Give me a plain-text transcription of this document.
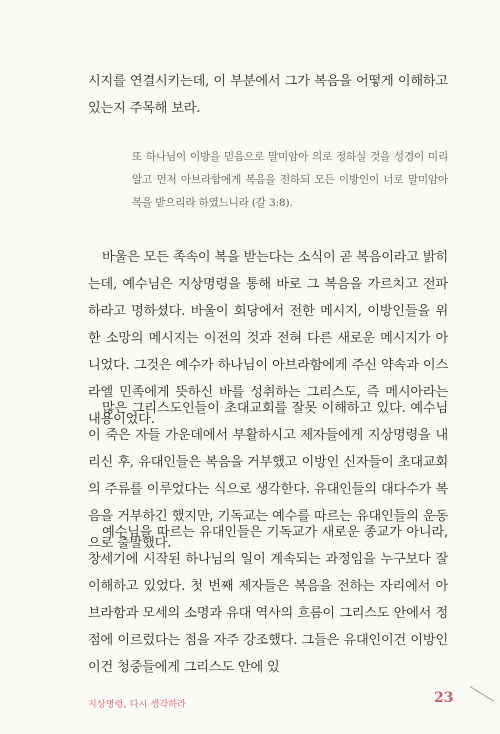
시지를 연결시키는데, 이 부분에서 그가 복음을 어떻게 이해하고 있는지 주목해 보라.

또 하나님이 이방을 믿음으로 말미암아 의로 정하실 것을 성경이 미리 알고 먼저 아브라함에게 복음을 전하되 모든 이방인이 너로 말미암아 복을 받으리라 하였느니라 (갈 3:8).

바울은 모든 족속이 복을 받는다는 소식이 곧 복음이라고 밝히는데, 예수님은 지상명령을 통해 바로 그 복음을 가르치고 전파하라고 명하셨다. 바울이 회당에서 전한 메시지, 이방인들을 위한 소망의 메시지는 이전의 것과 전혀 다른 새로운 메시지가 아니었다. 그것은 예수가 하나님이 아브라함에게 주신 약속과 이스라엘 민족에게 뜻하신 바를 성취하는 그리스도, 즉 메시아라는 내용이었다.

많은 그리스도인들이 초대교회를 잘못 이해하고 있다. 예수님이 죽은 자들 가운데에서 부활하시고 제자들에게 지상명령을 내리신 후, 유대인들은 복음을 거부했고 이방인 신자들이 초대교회의 주류를 이루었다는 식으로 생각한다. 유대인들의 대다수가 복음을 거부하긴 했지만, 기독교는 예수를 따르는 유대인들의 운동으로 출발했다.

예수님을 따르는 유대인들은 기독교가 새로운 종교가 아니라, 창세기에 시작된 하나님의 일이 계속되는 과정임을 누구보다 잘 이해하고 있었다. 첫 번째 제자들은 복음을 전하는 자리에서 아브라함과 모세의 소명과 유대 역사의 흐름이 그리스도 안에서 정점에 이르렀다는 점을 자주 강조했다. 그들은 유대인이건 이방인이건 청중들에게 그리스도 안에 있

지상명령, 다시 생각하라	23
